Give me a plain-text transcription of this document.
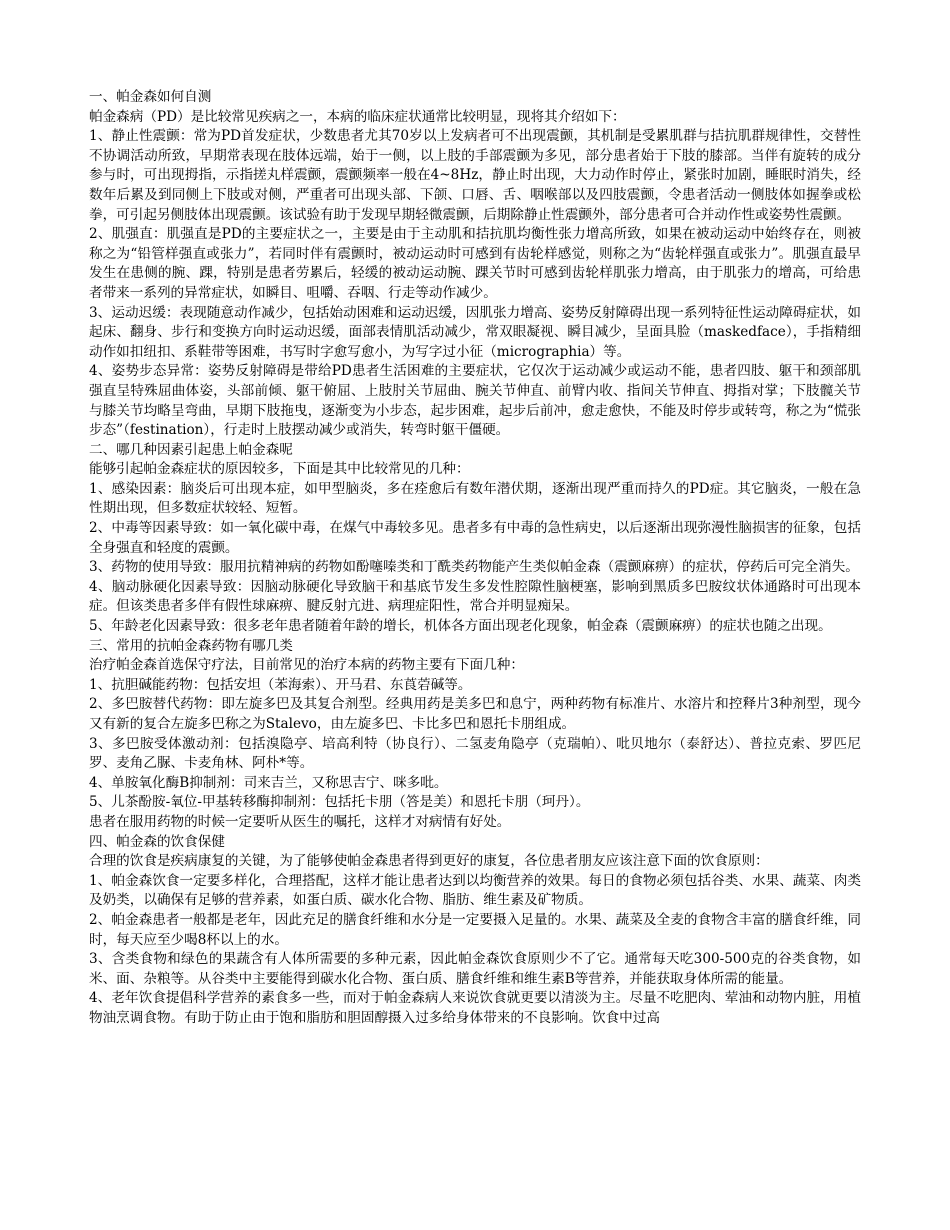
一、帕金森如何自测

帕金森病（PD）是比较常见疾病之一，本病的临床症状通常比较明显，现将其介绍如下：

1、静止性震颤：常为PD首发症状，少数患者尤其70岁以上发病者可不出现震颤，其机制是受累肌群与拮抗肌群规律性，交替性不协调活动所致，早期常表现在肢体远端，始于一侧，以上肢的手部震颤为多见，部分患者始于下肢的膝部。当伴有旋转的成分参与时，可出现拇指，示指搓丸样震颤，震颤频率一般在4~8Hz，静止时出现，大力动作时停止，紧张时加剧，睡眠时消失，经数年后累及到同侧上下肢或对侧，严重者可出现头部、下颌、口唇、舌、咽喉部以及四肢震颤，令患者活动一侧肢体如握拳或松拳，可引起另侧肢体出现震颤。该试验有助于发现早期轻微震颤，后期除静止性震颤外，部分患者可合并动作性或姿势性震颤。

2、肌强直：肌强直是PD的主要症状之一，主要是由于主动肌和拮抗肌均衡性张力增高所致，如果在被动运动中始终存在，则被称之为“铅管样强直或张力”，若同时伴有震颤时，被动运动时可感到有齿轮样感觉，则称之为“齿轮样强直或张力”。肌强直最早发生在患侧的腕、踝，特别是患者劳累后，轻缓的被动运动腕、踝关节时可感到齿轮样肌张力增高，由于肌张力的增高，可给患者带来一系列的异常症状，如瞬目、咀嚼、吞咽、行走等动作减少。

3、运动迟缓：表现随意动作减少，包括始动困难和运动迟缓，因肌张力增高、姿势反射障碍出现一系列特征性运动障碍症状，如起床、翻身、步行和变换方向时运动迟缓，面部表情肌活动减少，常双眼凝视、瞬目减少，呈面具脸（maskedface），手指精细动作如扣纽扣、系鞋带等困难，书写时字愈写愈小，为写字过小征（micrographia）等。

4、姿势步态异常：姿势反射障碍是带给PD患者生活困难的主要症状，它仅次于运动减少或运动不能，患者四肢、躯干和颈部肌强直呈特殊屈曲体姿，头部前倾、躯干俯屈、上肢肘关节屈曲、腕关节伸直、前臂内收、指间关节伸直、拇指对掌；下肢髋关节与膝关节均略呈弯曲，早期下肢拖曳，逐渐变为小步态，起步困难，起步后前冲，愈走愈快，不能及时停步或转弯，称之为“慌张步态”（festination），行走时上肢摆动减少或消失，转弯时躯干僵硬。

二、哪几种因素引起患上帕金森呢

能够引起帕金森症状的原因较多，下面是其中比较常见的几种：

1、感染因素：脑炎后可出现本症，如甲型脑炎，多在痊愈后有数年潜伏期，逐渐出现严重而持久的PD症。其它脑炎，一般在急性期出现，但多数症状较轻、短暂。

2、中毒等因素导致：如一氧化碳中毒，在煤气中毒较多见。患者多有中毒的急性病史，以后逐渐出现弥漫性脑损害的征象，包括全身强直和轻度的震颤。

3、药物的使用导致：服用抗精神病的药物如酚噻嗪类和丁酰类药物能产生类似帕金森（震颤麻痹）的症状，停药后可完全消失。

4、脑动脉硬化因素导致：因脑动脉硬化导致脑干和基底节发生多发性腔隙性脑梗塞，影响到黑质多巴胺纹状体通路时可出现本症。但该类患者多伴有假性球麻痹、腱反射亢进、病理症阳性，常合并明显痴呆。

5、年龄老化因素导致：很多老年患者随着年龄的增长，机体各方面出现老化现象，帕金森（震颤麻痹）的症状也随之出现。

三、常用的抗帕金森药物有哪几类

治疗帕金森首选保守疗法，目前常见的治疗本病的药物主要有下面几种：

1、抗胆碱能药物：包括安坦（苯海索）、开马君、东莨菪碱等。

2、多巴胺替代药物：即左旋多巴及其复合剂型。经典用药是美多巴和息宁，两种药物有标准片、水溶片和控释片3种剂型，现今又有新的复合左旋多巴称之为Stalevo，由左旋多巴、卡比多巴和恩托卡朋组成。

3、多巴胺受体激动剂：包括溴隐亭、培高利特（协良行）、二氢麦角隐亭（克瑞帕）、吡贝地尔（泰舒达）、普拉克索、罗匹尼罗、麦角乙脲、卡麦角林、阿朴*等。

4、单胺氧化酶B抑制剂：司来吉兰，又称思吉宁、咪多吡。

5、儿茶酚胺-氧位-甲基转移酶抑制剂：包括托卡朋（答是美）和恩托卡朋（珂丹）。

患者在服用药物的时候一定要听从医生的嘱托，这样才对病情有好处。

四、帕金森的饮食保健

合理的饮食是疾病康复的关键，为了能够使帕金森患者得到更好的康复，各位患者朋友应该注意下面的饮食原则：

1、帕金森饮食一定要多样化，合理搭配，这样才能让患者达到以均衡营养的效果。每日的食物必须包括谷类、水果、蔬菜、肉类及奶类，以确保有足够的营养素，如蛋白质、碳水化合物、脂肪、维生素及矿物质。

2、帕金森患者一般都是老年，因此充足的膳食纤维和水分是一定要摄入足量的。水果、蔬菜及全麦的食物含丰富的膳食纤维，同时，每天应至少喝8杯以上的水。

3、含类食物和绿色的果蔬含有人体所需要的多种元素，因此帕金森饮食原则少不了它。通常每天吃300-500克的谷类食物，如米、面、杂粮等。从谷类中主要能得到碳水化合物、蛋白质、膳食纤维和维生素B等营养，并能获取身体所需的能量。

4、老年饮食提倡科学营养的素食多一些，而对于帕金森病人来说饮食就更要以清淡为主。尽量不吃肥肉、荤油和动物内脏，用植物油烹调食物。有助于防止由于饱和脂肪和胆固醇摄入过多给身体带来的不良影响。饮食中过高
